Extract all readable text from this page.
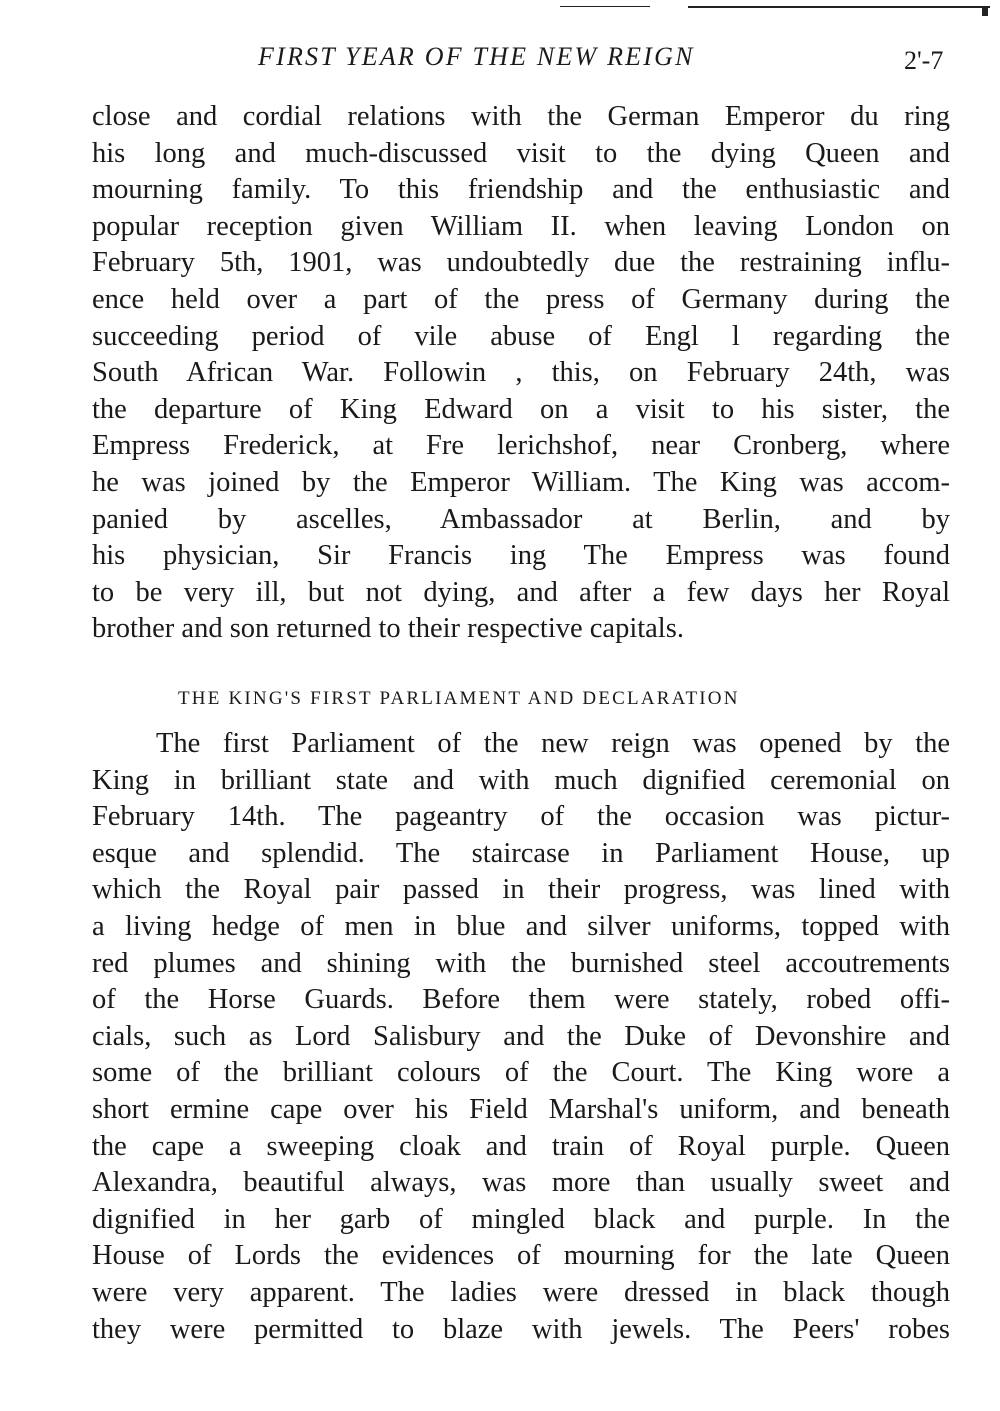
FIRST YEAR OF THE NEW REIGN	2'-7
close and cordial relations with the German Emperor du ring
his long and much-discussed visit to the dying Queen and
mourning family. To this friendship and the enthusiastic and
popular reception given William II. when leaving London on
February 5th, 1901, was undoubtedly due the restraining influ-
ence held over a part of the press of Germany during the
succeeding period of vile abuse of Engl l regarding the
South African War. Followin , this, on February 24th, was
the departure of King Edward on a visit to his sister, the
Empress Frederick, at Fre lerichshof, near Cronberg, where
he was joined by the Emperor William. The King was accom-
panied by ascelles, Ambassador at Berlin, and by
his physician, Sir Francis ing The Empress was found
to be very ill, but not dying, and after a few days her Royal
brother and son returned to their respective capitals.
THE KING'S FIRST PARLIAMENT AND DECLARATION
The first Parliament of the new reign was opened by the
King in brilliant state and with much dignified ceremonial on
February 14th. The pageantry of the occasion was pictur-
esque and splendid. The staircase in Parliament House, up
which the Royal pair passed in their progress, was lined with
a living hedge of men in blue and silver uniforms, topped with
red plumes and shining with the burnished steel accoutrements
of the Horse Guards. Before them were stately, robed offi-
cials, such as Lord Salisbury and the Duke of Devonshire and
some of the brilliant colours of the Court. The King wore a
short ermine cape over his Field Marshal's uniform, and beneath
the cape a sweeping cloak and train of Royal purple. Queen
Alexandra, beautiful always, was more than usually sweet and
dignified in her garb of mingled black and purple. In the
House of Lords the evidences of mourning for the late Queen
were very apparent. The ladies were dressed in black though
they were permitted to blaze with jewels. The Peers' robes
